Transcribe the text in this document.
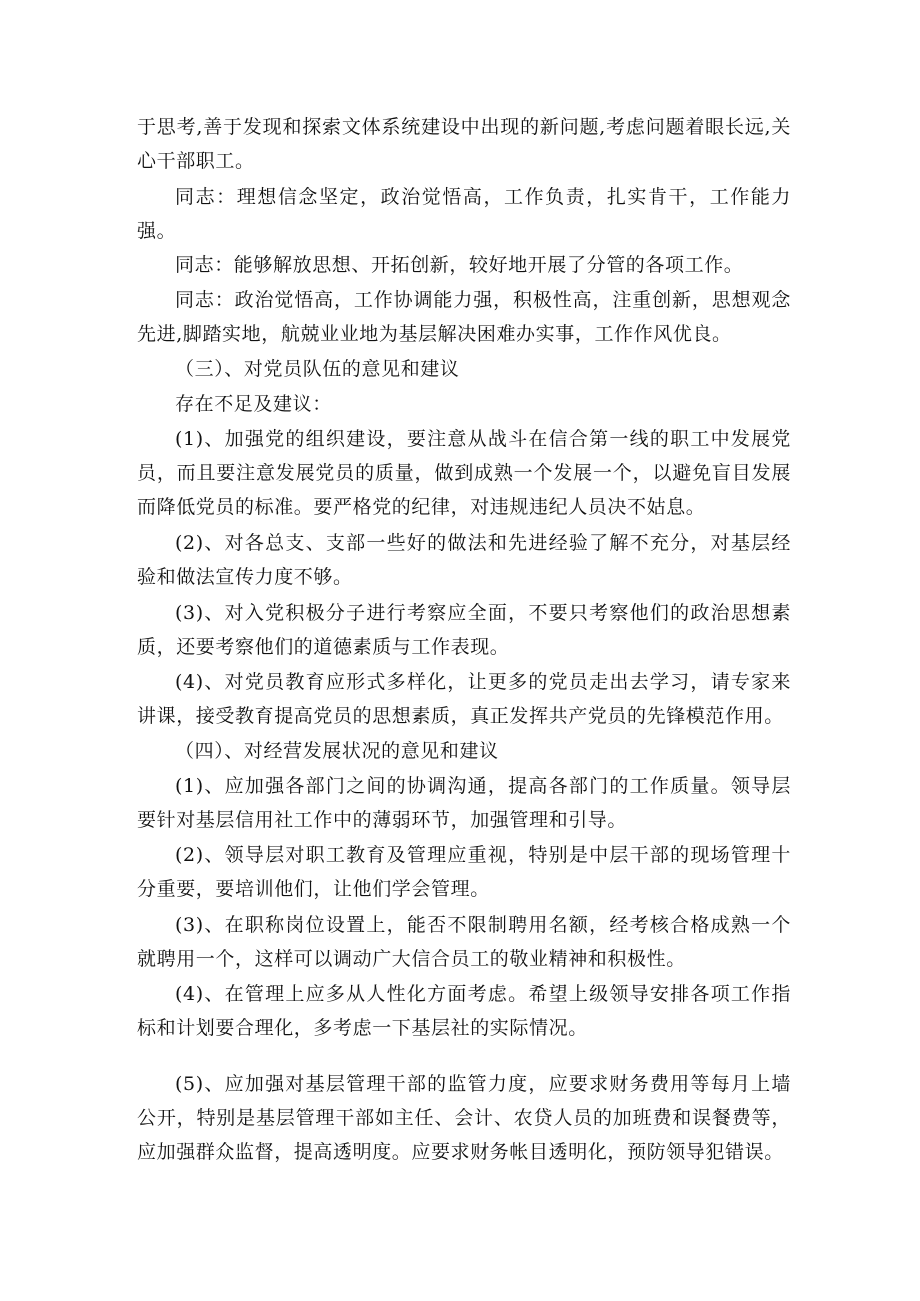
于思考,善于发现和探索文体系统建设中出现的新问题,考虑问题着眼长远,关心干部职工。

同志：理想信念坚定，政治觉悟高，工作负责，扎实肯干，工作能力强。

同志：能够解放思想、开拓创新，较好地开展了分管的各项工作。

同志：政治觉悟高，工作协调能力强，积极性高，注重创新，思想观念先进,脚踏实地，航兢业业地为基层解决困难办实事，工作作风优良。

（三）、对党员队伍的意见和建议

存在不足及建议：

(1)、加强党的组织建设，要注意从战斗在信合第一线的职工中发展党员，而且要注意发展党员的质量，做到成熟一个发展一个，以避免盲目发展而降低党员的标准。要严格党的纪律，对违规违纪人员决不姑息。

(2)、对各总支、支部一些好的做法和先进经验了解不充分，对基层经验和做法宣传力度不够。

(3)、对入党积极分子进行考察应全面，不要只考察他们的政治思想素质，还要考察他们的道德素质与工作表现。

(4)、对党员教育应形式多样化，让更多的党员走出去学习，请专家来讲课，接受教育提高党员的思想素质，真正发挥共产党员的先锋模范作用。

（四）、对经营发展状况的意见和建议

(1)、应加强各部门之间的协调沟通，提高各部门的工作质量。领导层要针对基层信用社工作中的薄弱环节，加强管理和引导。

(2)、领导层对职工教育及管理应重视，特别是中层干部的现场管理十分重要，要培训他们，让他们学会管理。

(3)、在职称岗位设置上，能否不限制聘用名额，经考核合格成熟一个就聘用一个，这样可以调动广大信合员工的敬业精神和积极性。

(4)、在管理上应多从人性化方面考虑。希望上级领导安排各项工作指标和计划要合理化，多考虑一下基层社的实际情况。

(5)、应加强对基层管理干部的监管力度，应要求财务费用等每月上墙公开，特别是基层管理干部如主任、会计、农贷人员的加班费和误餐费等，应加强群众监督，提高透明度。应要求财务帐目透明化，预防领导犯错误。
